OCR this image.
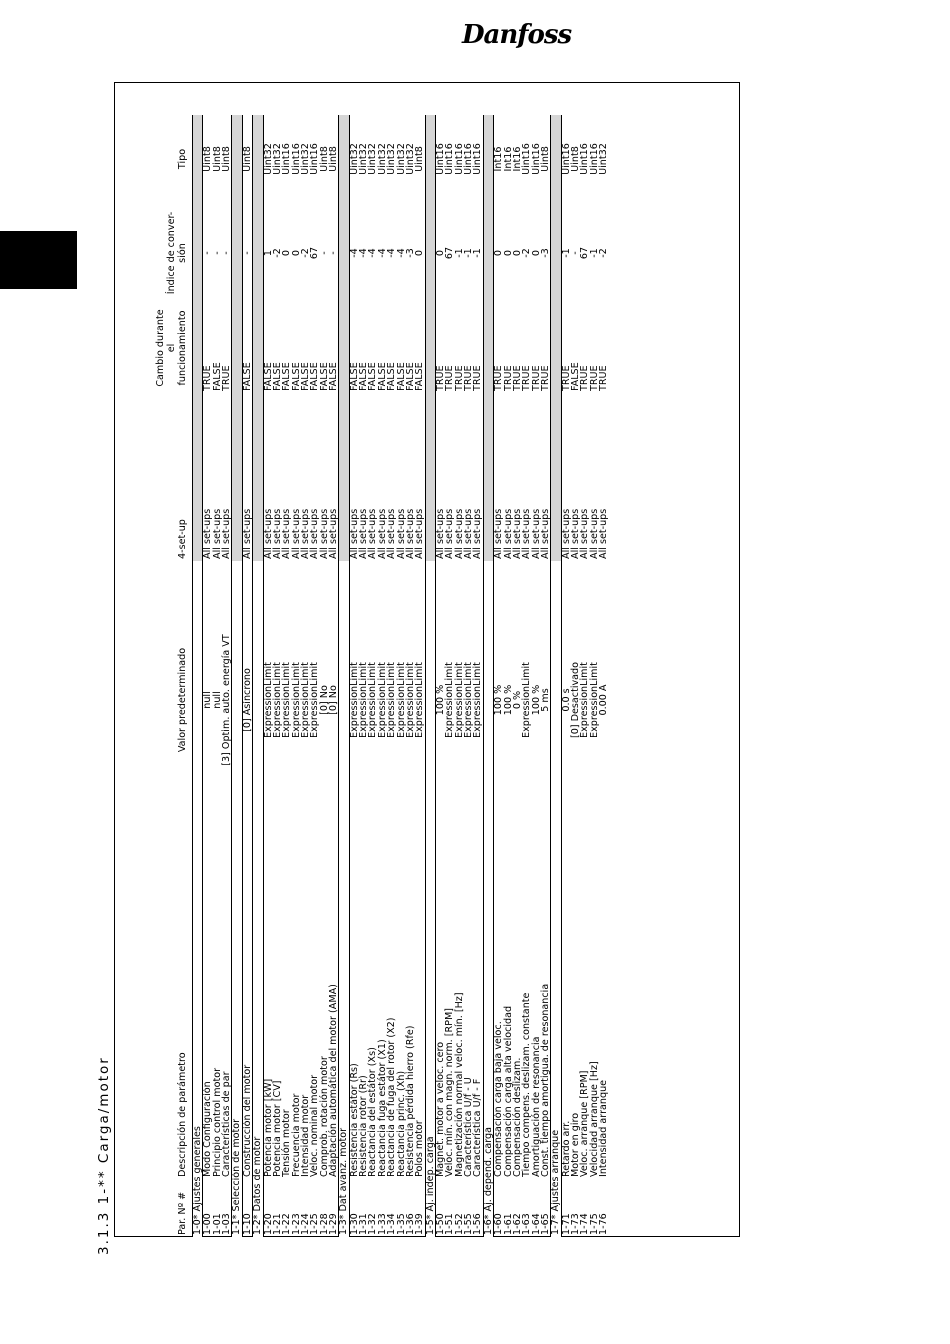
Danfoss
3.1.3 1-** Carga/motor	Par. Nº #	Descripción de parámetro	Valor predeterminado	4-set-up	Cambio durante el funcionamiento	Índice de conver- sión	Tipo
1-0* Ajustes generales						
1-00	Modo Configuración	null	All set-ups	TRUE	-	Uint8
1-01	Principio control motor	null	All set-ups	FALSE	-	Uint8
1-03	Características de par	[3] Optim. auto. energía VT	All set-ups	TRUE	-	Uint8
1-1* Selección de motor						
1-10	Construcción del motor	[0] Asíncrono	All set-ups	FALSE	-	Uint8
1-2* Datos de motor						
1-20	Potencia motor [kW]	ExpressionLimit	All set-ups	FALSE	1	Uint32
1-21	Potencia motor [CV]	ExpressionLimit	All set-ups	FALSE	-2	Uint32
1-22	Tensión motor	ExpressionLimit	All set-ups	FALSE	0	Uint16
1-23	Frecuencia motor	ExpressionLimit	All set-ups	FALSE	0	Uint16
1-24	Intensidad motor	ExpressionLimit	All set-ups	FALSE	-2	Uint32
1-25	Veloc. nominal motor	ExpressionLimit	All set-ups	FALSE	67	Uint16
1-28	Comprob. rotación motor	[0] No	All set-ups	FALSE	-	Uint8
1-29	Adaptación automática del motor (AMA)	[0] No	All set-ups	FALSE	-	Uint8
1-3* Dat avanz. motor						
1-30	Resistencia estátor (Rs)	ExpressionLimit	All set-ups	FALSE	-4	Uint32
1-31	Resistencia rotor (Rr)	ExpressionLimit	All set-ups	FALSE	-4	Uint32
1-32	Reactancia del estátor (Xs)	ExpressionLimit	All set-ups	FALSE	-4	Uint32
1-33	Reactancia fuga estátor (X1)	ExpressionLimit	All set-ups	FALSE	-4	Uint32
1-34	Reactancia de fuga del rotor (X2)	ExpressionLimit	All set-ups	FALSE	-4	Uint32
1-35	Reactancia princ. (Xh)	ExpressionLimit	All set-ups	FALSE	-4	Uint32
1-36	Resistencia pérdida hierro (Rfe)	ExpressionLimit	All set-ups	FALSE	-3	Uint32
1-39	Polos motor	ExpressionLimit	All set-ups	FALSE	0	Uint8
1-5* Aj. indep. carga						
1-50	Magnet. motor a veloc. cero	100 %	All set-ups	TRUE	0	Uint16
1-51	Veloc. mín. con magn. norm. [RPM]	ExpressionLimit	All set-ups	TRUE	67	Uint16
1-52	Magnetización normal veloc. mín. [Hz]	ExpressionLimit	All set-ups	TRUE	-1	Uint16
1-55	Característica U/f - U	ExpressionLimit	All set-ups	TRUE	-1	Uint16
1-56	Característica U/f - F	ExpressionLimit	All set-ups	TRUE	-1	Uint16
1-6* Aj. depend. carga						
1-60	Compensación carga baja veloc.	100 %	All set-ups	TRUE	0	Int16
1-61	Compensación carga alta velocidad	100 %	All set-ups	TRUE	0	Int16
1-62	Compensación deslizam.	0 %	All set-ups	TRUE	0	Int16
1-63	Tiempo compens. deslizam. constante	ExpressionLimit	All set-ups	TRUE	-2	Uint16
1-64	Amortiguación de resonancia	100 %	All set-ups	TRUE	0	Uint16
1-65	Const. tiempo amortigua. de resonancia	5 ms	All set-ups	TRUE	-3	Uint8
1-7* Ajustes arranque						
1-71	Retardo arr.	0.0 s	All set-ups	TRUE	-1	Uint16
1-73	Motor en giro	[0] Desactivado	All set-ups	FALSE	-	Uint8
1-74	Veloc. arranque [RPM]	ExpressionLimit	All set-ups	TRUE	67	Uint16
1-75	Velocidad arranque [Hz]	ExpressionLimit	All set-ups	TRUE	-1	Uint16
1-76	Intensidad arranque	0.00 A	All set-ups	TRUE	-2	Uint32
